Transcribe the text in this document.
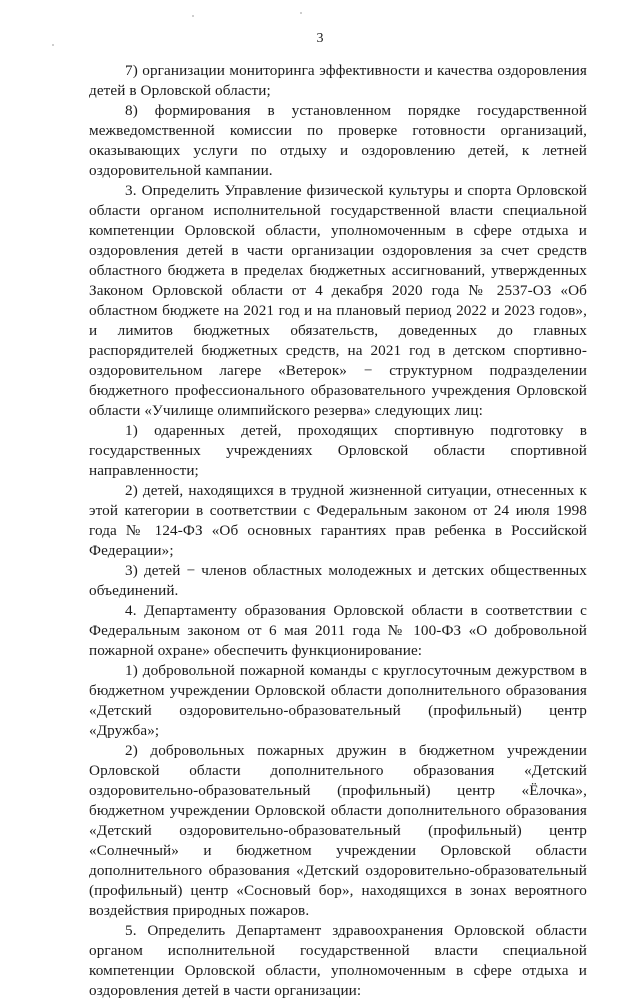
3

7) организации мониторинга эффективности и качества оздоровления детей в Орловской области;

8) формирования в установленном порядке государственной межведомственной комиссии по проверке готовности организаций, оказывающих услуги по отдыху и оздоровлению детей, к летней оздоровительной кампании.

3. Определить Управление физической культуры и спорта Орловской области органом исполнительной государственной власти специальной компетенции Орловской области, уполномоченным в сфере отдыха и оздоровления детей в части организации оздоровления за счет средств областного бюджета в пределах бюджетных ассигнований, утвержденных Законом Орловской области от 4 декабря 2020 года № 2537-ОЗ «Об областном бюджете на 2021 год и на плановый период 2022 и 2023 годов», и лимитов бюджетных обязательств, доведенных до главных распорядителей бюджетных средств, на 2021 год в детском спортивно-оздоровительном лагере «Ветерок» − структурном подразделении бюджетного профессионального образовательного учреждения Орловской области «Училище олимпийского резерва» следующих лиц:

1) одаренных детей, проходящих спортивную подготовку в государственных учреждениях Орловской области спортивной направленности;

2) детей, находящихся в трудной жизненной ситуации, отнесенных к этой категории в соответствии с Федеральным законом от 24 июля 1998 года № 124-ФЗ «Об основных гарантиях прав ребенка в Российской Федерации»;

3) детей − членов областных молодежных и детских общественных объединений.

4. Департаменту образования Орловской области в соответствии с Федеральным законом от 6 мая 2011 года № 100-ФЗ «О добровольной пожарной охране» обеспечить функционирование:

1) добровольной пожарной команды с круглосуточным дежурством в бюджетном учреждении Орловской области дополнительного образования «Детский оздоровительно-образовательный (профильный) центр «Дружба»;

2) добровольных пожарных дружин в бюджетном учреждении Орловской области дополнительного образования «Детский оздоровительно-образовательный (профильный) центр «Ёлочка», бюджетном учреждении Орловской области дополнительного образования «Детский оздоровительно-образовательный (профильный) центр «Солнечный» и бюджетном учреждении Орловской области дополнительного образования «Детский оздоровительно-образовательный (профильный) центр «Сосновый бор», находящихся в зонах вероятного воздействия природных пожаров.

5. Определить Департамент здравоохранения Орловской области органом исполнительной государственной власти специальной компетенции Орловской области, уполномоченным в сфере отдыха и оздоровления детей в части организации:
